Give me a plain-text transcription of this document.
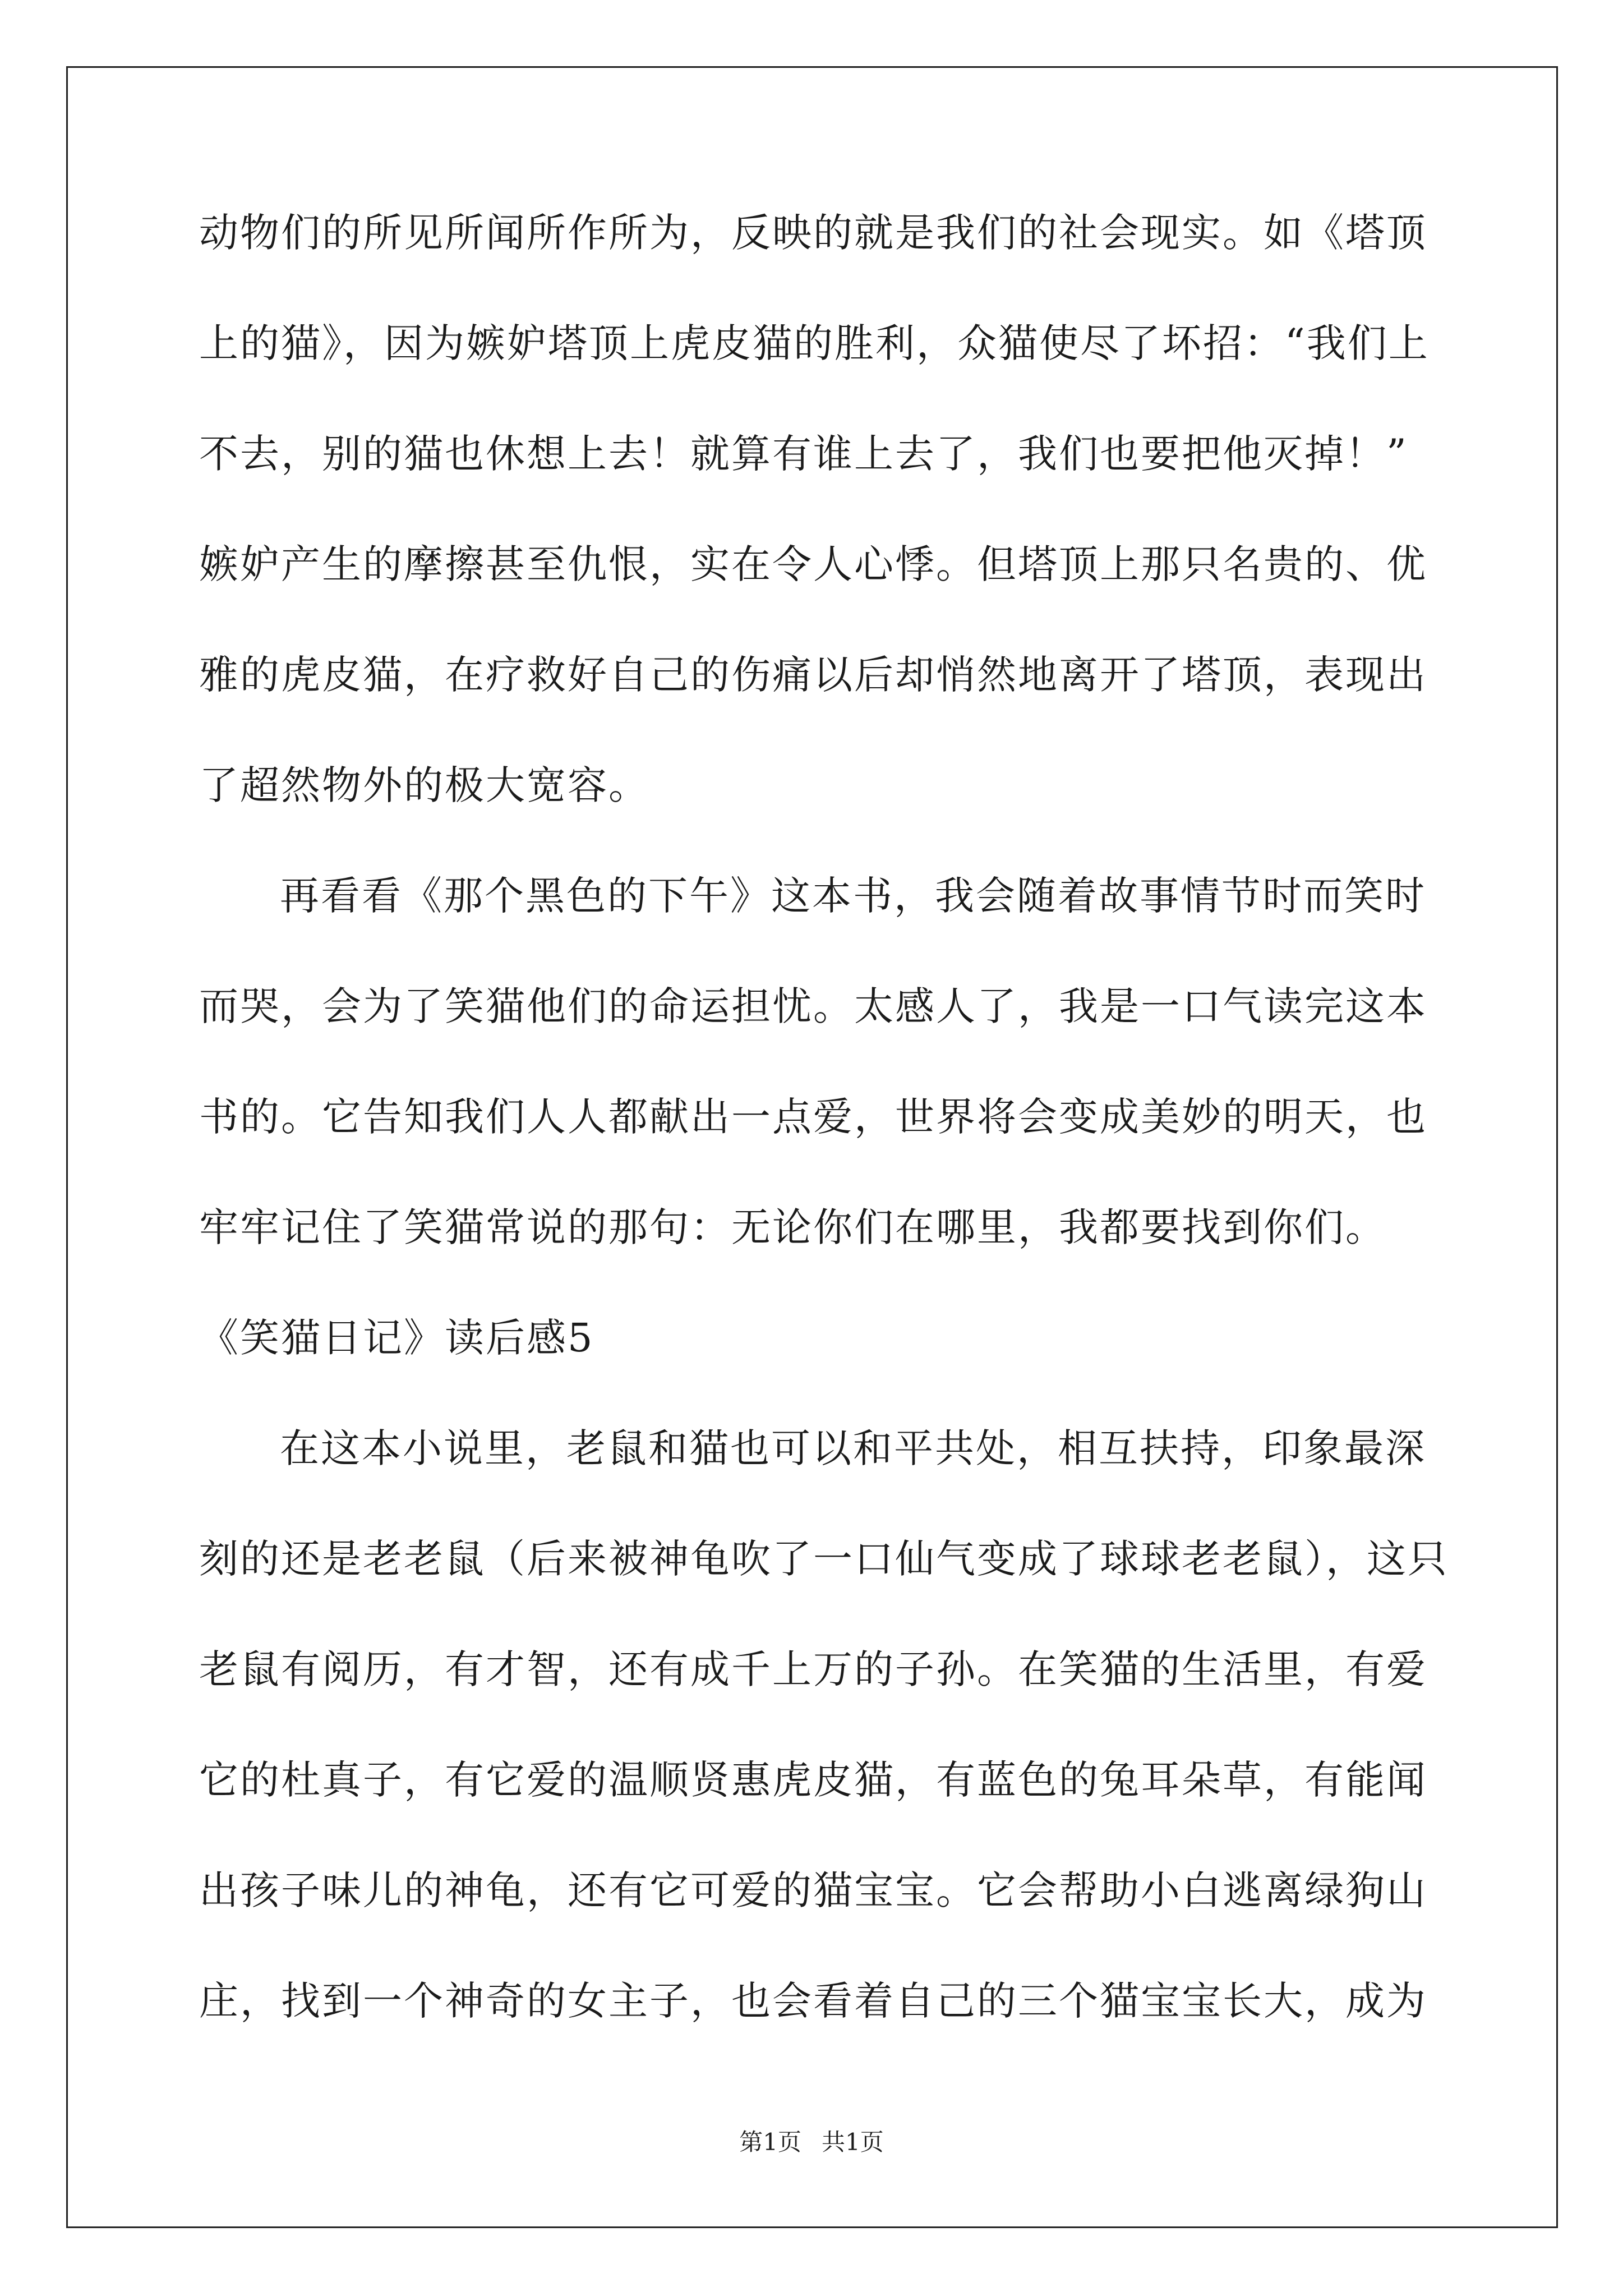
动物们的所见所闻所作所为，反映的就是我们的社会现实。如《塔顶
上的猫》，因为嫉妒塔顶上虎皮猫的胜利，众猫使尽了坏招：“我们上
不去，别的猫也休想上去！就算有谁上去了，我们也要把他灭掉！”
嫉妒产生的摩擦甚至仇恨，实在令人心悸。但塔顶上那只名贵的、优
雅的虎皮猫，在疗救好自己的伤痛以后却悄然地离开了塔顶，表现出
了超然物外的极大宽容。
再看看《那个黑色的下午》这本书，我会随着故事情节时而笑时
而哭，会为了笑猫他们的命运担忧。太感人了，我是一口气读完这本
书的。它告知我们人人都献出一点爱，世界将会变成美妙的明天，也
牢牢记住了笑猫常说的那句：无论你们在哪里，我都要找到你们。
《笑猫日记》读后感5
在这本小说里，老鼠和猫也可以和平共处，相互扶持，印象最深
刻的还是老老鼠（后来被神龟吹了一口仙气变成了球球老老鼠），这只
老鼠有阅历，有才智，还有成千上万的子孙。在笑猫的生活里，有爱
它的杜真子，有它爱的温顺贤惠虎皮猫，有蓝色的兔耳朵草，有能闻
出孩子味儿的神龟，还有它可爱的猫宝宝。它会帮助小白逃离绿狗山
庄，找到一个神奇的女主子，也会看着自己的三个猫宝宝长大，成为
第1页 共1页
